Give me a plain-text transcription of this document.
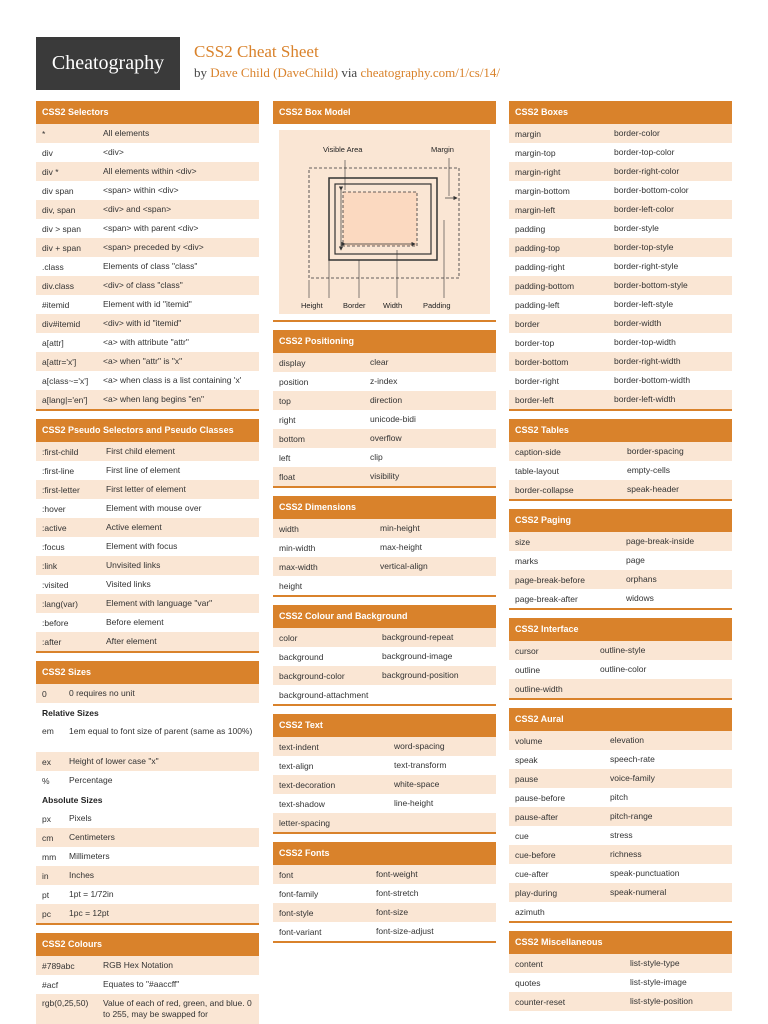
Cheatography
CSS2 Cheat Sheet
by Dave Child (DaveChild) via cheatography.com/1/cs/14/
CSS2 Selectors
*	All elements
div	<div>
div *	All elements within <div>
div span	<span> within <div>
div, span	<div> and <span>
div > span	<span> with parent <div>
div + span	<span> preceded by <div>
.class	Elements of class "class"
div.class	<div> of class "class"
#itemid	Element with id "itemid"
div#itemid	<div> with id "itemid"
a[attr]	<a> with attribute "attr"
a[attr='x']	<a> when "attr" is "x"
a[class~='x']	<a> when class is a list containing 'x'
a[lang|='en']	<a> when lang begins "en"
CSS2 Pseudo Selectors and Pseudo Classes
:first-child	First child element
:first-line	First line of element
:first-letter	First letter of element
:hover	Element with mouse over
:active	Active element
:focus	Element with focus
:link	Unvisited links
:visited	Visited links
:lang(var)	Element with language "var"
:before	Before element
:after	After element
CSS2 Sizes
0	0 requires no unit
Relative Sizes
em	1em equal to font size of parent (same as 100%)
ex	Height of lower case "x"
%	Percentage
Absolute Sizes
px	Pixels
cm	Centimeters
mm	Millimeters
in	Inches
pt	1pt = 1/72in
pc	1pc = 12pt
CSS2 Colours
#789abc	RGB Hex Notation
#acf	Equates to "#aaccff"
rgb(0,25,50)	Value of each of red, green, and blue. 0 to 255, may be swapped for
CSS2 Box Model
Visible Area	Margin
Height	Border Width	Padding
CSS2 Positioning
display	clear
position	z-index
top	direction
right	unicode-bidi
bottom	overflow
left	clip
float	visibility
CSS2 Dimensions
width	min-height
min-width	max-height
max-width	vertical-align
height
CSS2 Colour and Background
color	background-repeat
background	background-image
background-color	background-position
background-attachment
CSS2 Text
text-indent	word-spacing
text-align	text-transform
text-decoration	white-space
text-shadow	line-height
letter-spacing
CSS2 Fonts
font	font-weight
font-family	font-stretch
font-style	font-size
font-variant	font-size-adjust
CSS2 Boxes
margin	border-color
margin-top	border-top-color
margin-right	border-right-color
margin-bottom	border-bottom-color
margin-left	border-left-color
padding	border-style
padding-top	border-top-style
padding-right	border-right-style
padding-bottom	border-bottom-style
padding-left	border-left-style
border	border-width
border-top	border-top-width
border-bottom	border-right-width
border-right	border-bottom-width
border-left	border-left-width
CSS2 Tables
caption-side	border-spacing
table-layout	empty-cells
border-collapse	speak-header
CSS2 Paging
size	page-break-inside
marks	page
page-break-before	orphans
page-break-after	widows
CSS2 Interface
cursor	outline-style
outline	outline-color
outline-width
CSS2 Aural
volume	elevation
speak	speech-rate
pause	voice-family
pause-before	pitch
pause-after	pitch-range
cue	stress
cue-before	richness
cue-after	speak-punctuation
play-during	speak-numeral
azimuth
CSS2 Miscellaneous
content	list-style-type
quotes	list-style-image
counter-reset	list-style-position
